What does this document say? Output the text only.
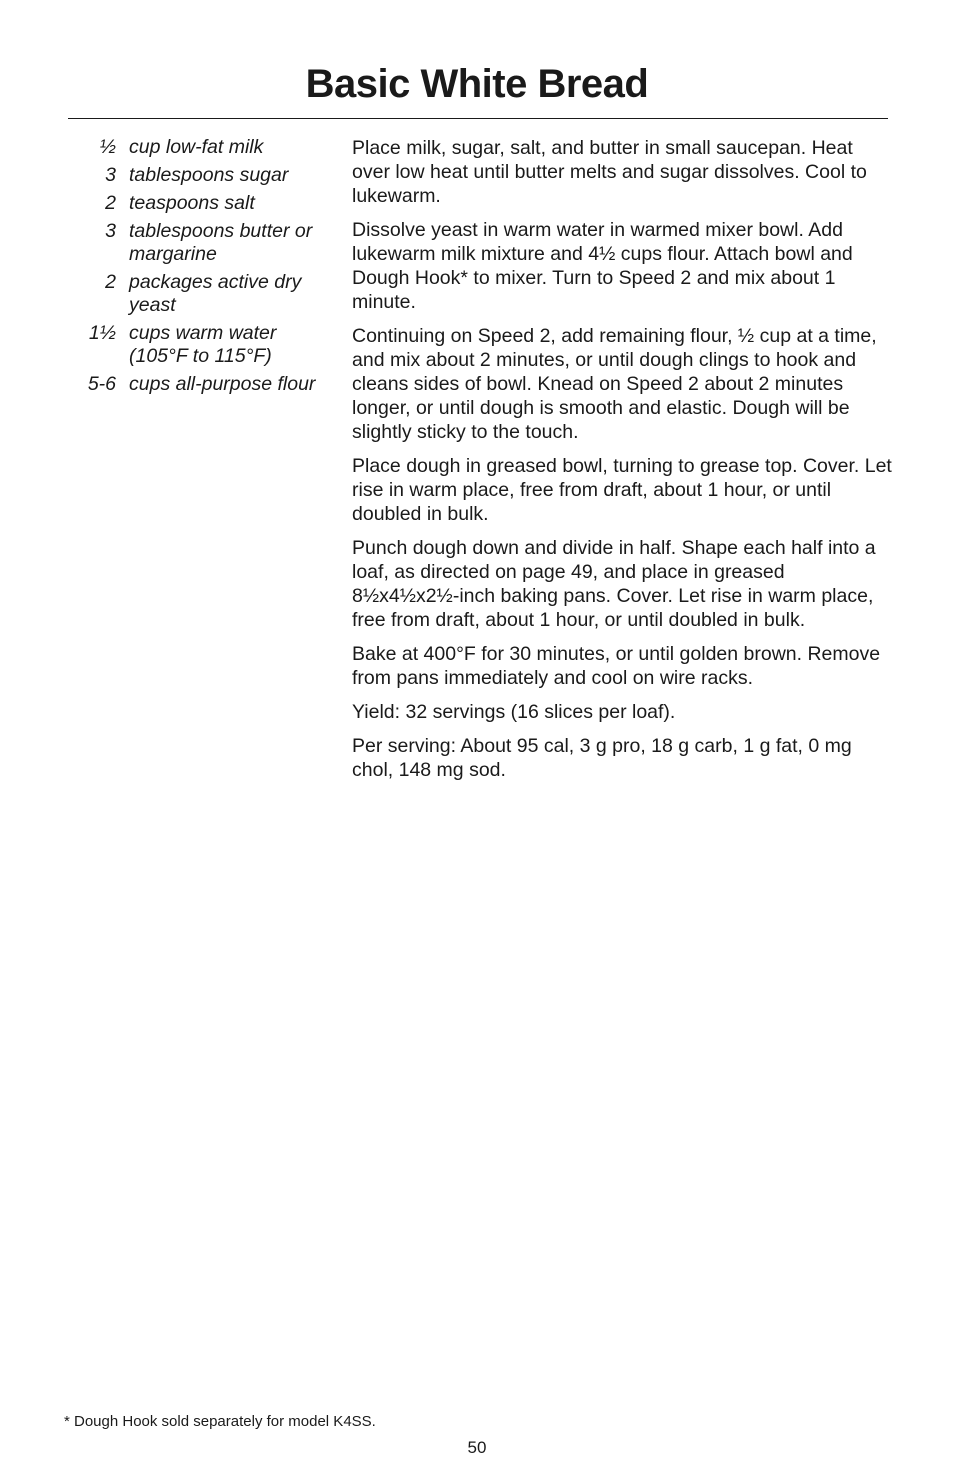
Basic White Bread
½ cup low-fat milk
3 tablespoons sugar
2 teaspoons salt
3 tablespoons butter or margarine
2 packages active dry yeast
1½ cups warm water (105°F to 115°F)
5-6 cups all-purpose flour

Place milk, sugar, salt, and butter in small saucepan. Heat over low heat until butter melts and sugar dissolves. Cool to lukewarm.

Dissolve yeast in warm water in warmed mixer bowl. Add lukewarm milk mixture and 4½ cups flour. Attach bowl and Dough Hook* to mixer. Turn to Speed 2 and mix about 1 minute.

Continuing on Speed 2, add remaining flour, ½ cup at a time, and mix about 2 minutes, or until dough clings to hook and cleans sides of bowl. Knead on Speed 2 about 2 minutes longer, or until dough is smooth and elastic. Dough will be slightly sticky to the touch.

Place dough in greased bowl, turning to grease top. Cover. Let rise in warm place, free from draft, about 1 hour, or until doubled in bulk.

Punch dough down and divide in half. Shape each half into a loaf, as directed on page 49, and place in greased 8½x4½x2½-inch baking pans. Cover. Let rise in warm place, free from draft, about 1 hour, or until doubled in bulk.

Bake at 400°F for 30 minutes, or until golden brown. Remove from pans immediately and cool on wire racks.

Yield: 32 servings (16 slices per loaf).

Per serving: About 95 cal, 3 g pro, 18 g carb, 1 g fat, 0 mg chol, 148 mg sod.

* Dough Hook sold separately for model K4SS.

50
